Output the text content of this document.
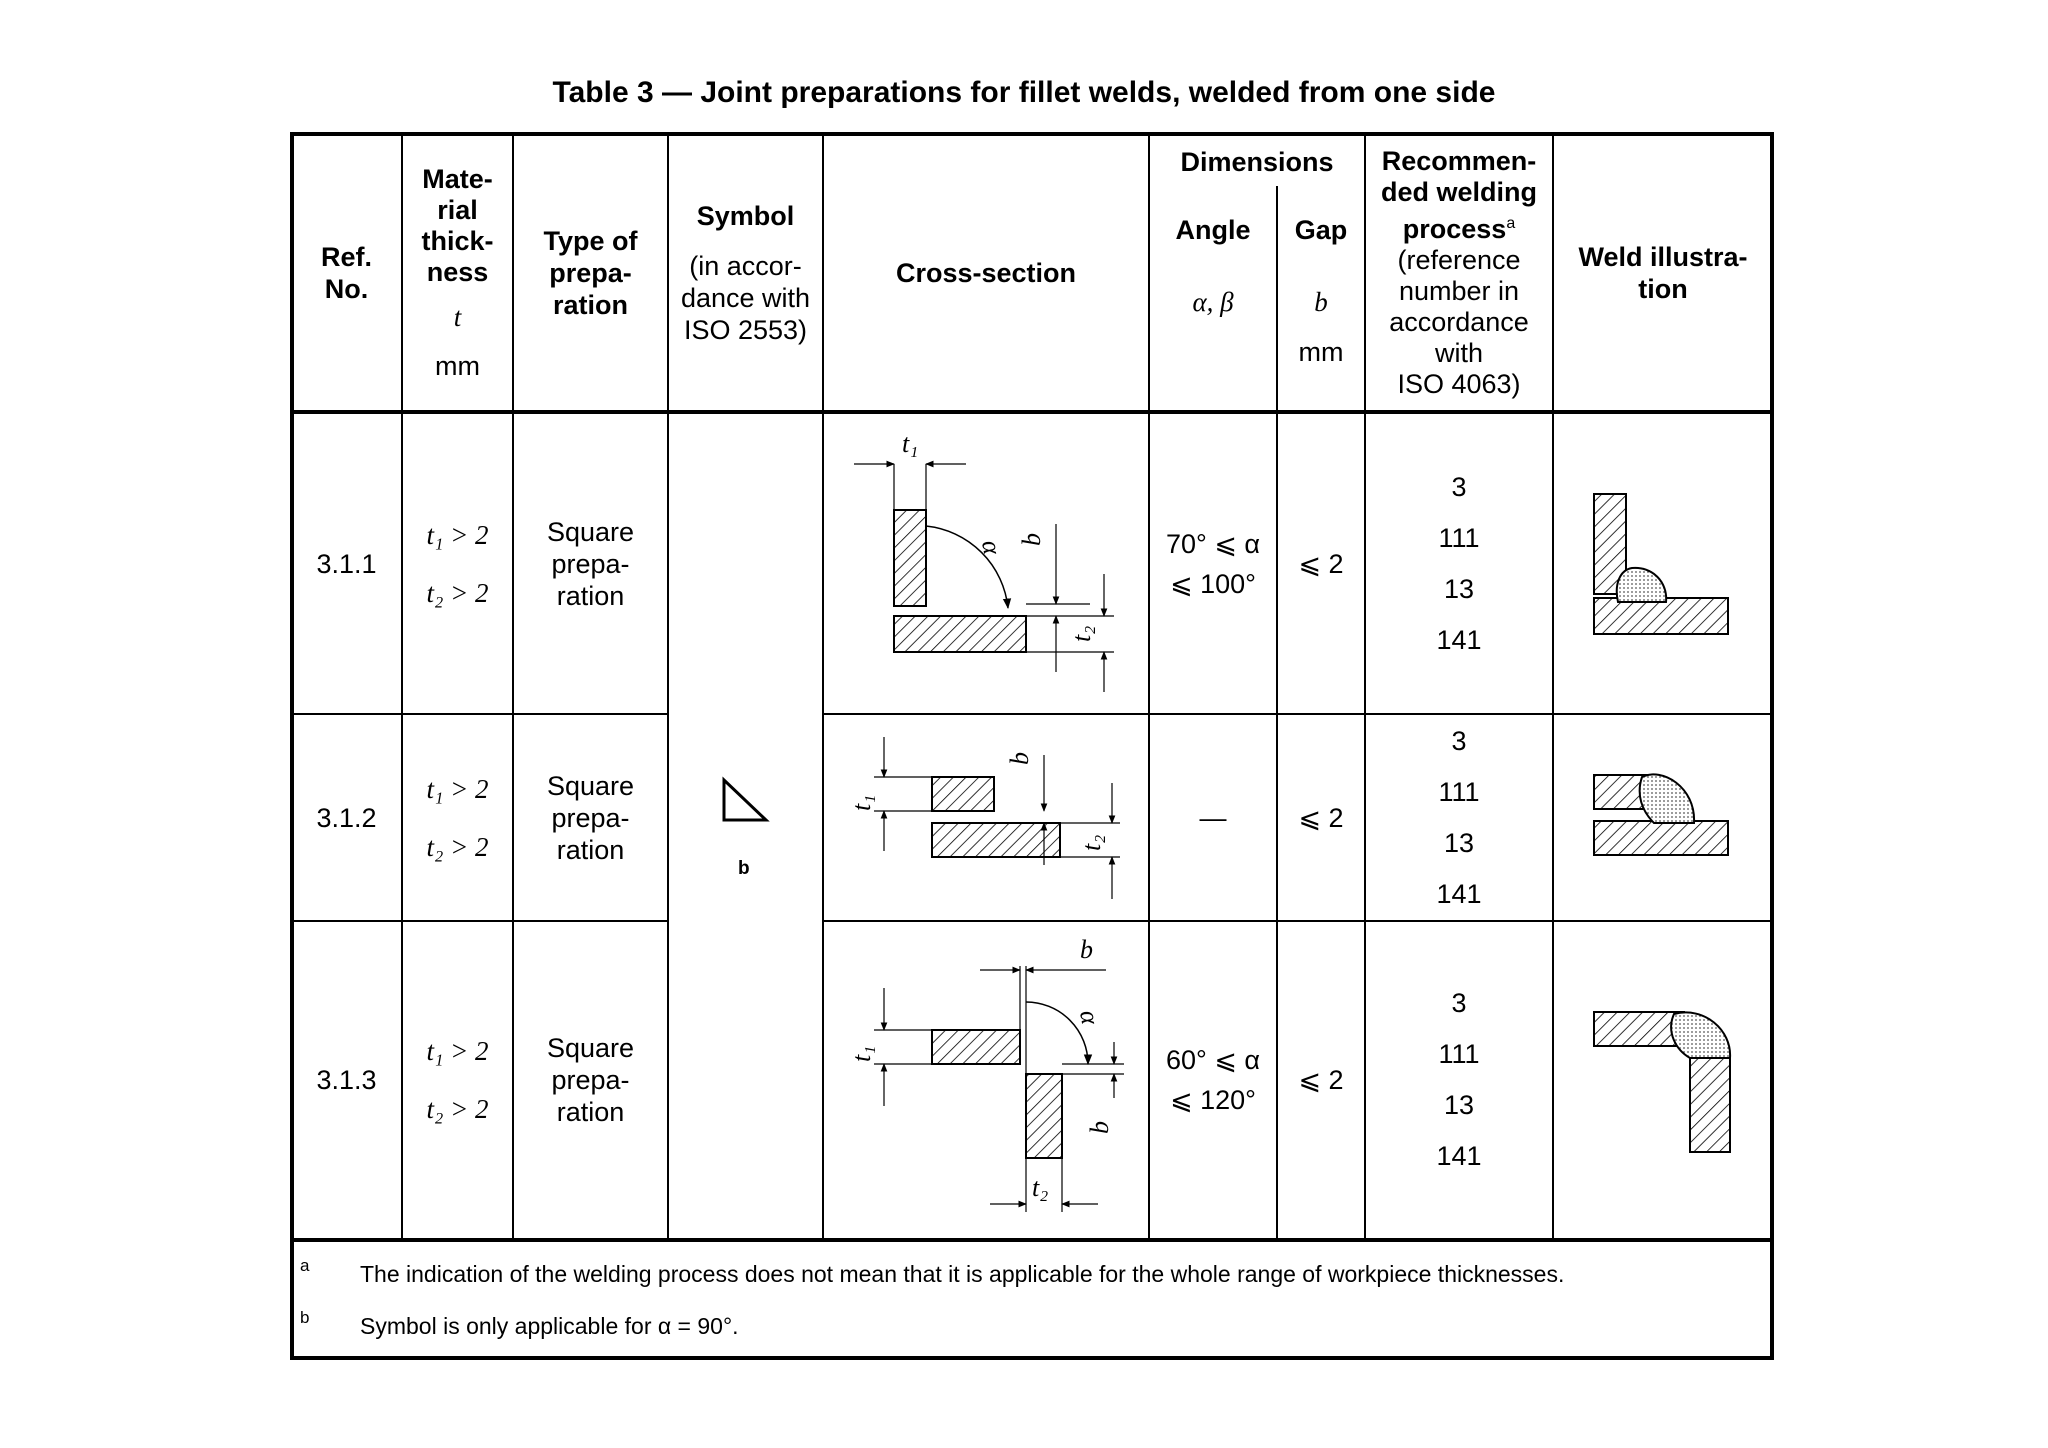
Table 3 — Joint preparations for fillet welds, welded from one side
Ref.
No.
Mate-
rial
thick-
ness
t
mm
Type of
prepa-
ration
Symbol
(in accor-
dance with
ISO 2553)
Cross-section
Dimensions
Angle
α, β
Gap
b
mm
Recommen-
ded welding
process$^a$
(reference
number in
accordance
with
ISO 4063)
Weld illustra-
tion
3.1.1
t₁ > 2
t₂ > 2
Square
prepa-
ration
70° ⩽ α
⩽ 100°
⩽ 2
3
111
13
141
3.1.2
t₁ > 2
t₂ > 2
Square
prepa-
ration
—	⩽ 2
3
111
13
141
3.1.3
t₁ > 2
t₂ > 2
Square
prepa-
ration
60° ⩽ α
⩽ 120°
⩽ 2
3
111
13
141
b
t₁
α b
t₂
t₁
b
t₂
t₁
b
α
b
t₂
a The indication of the welding process does not mean that it is applicable for the whole range of workpiece thicknesses.
b Symbol is only applicable for α = 90°.
